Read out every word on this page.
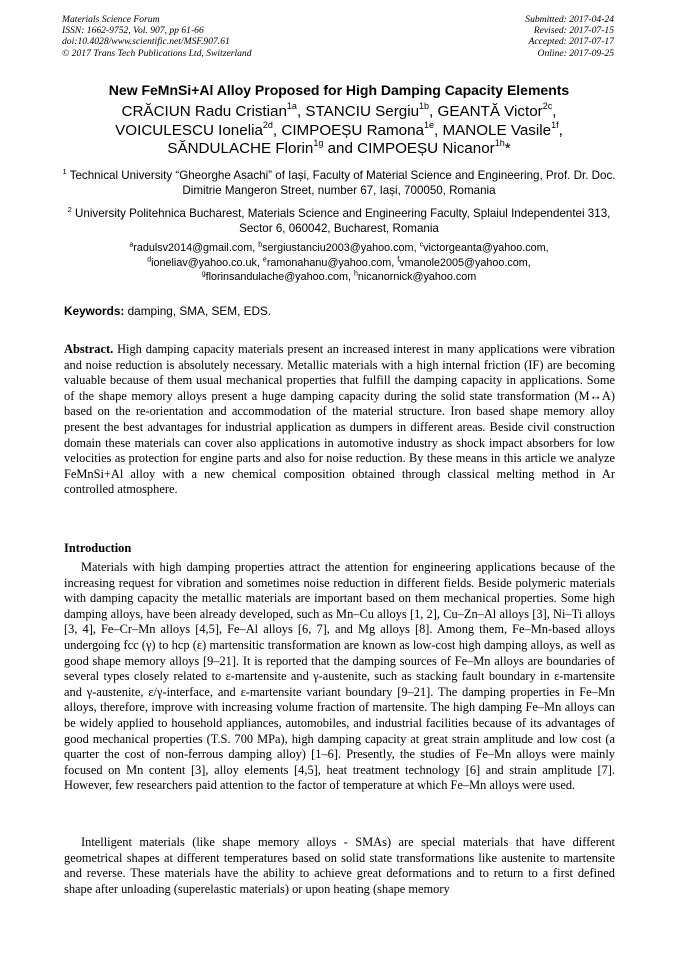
Materials Science Forum
ISSN: 1662-9752, Vol. 907, pp 61-66
doi:10.4028/www.scientific.net/MSF.907.61
© 2017 Trans Tech Publications Ltd, Switzerland
Submitted: 2017-04-24
Revised: 2017-07-15
Accepted: 2017-07-17
Online: 2017-09-25
New FeMnSi+Al Alloy Proposed for High Damping Capacity Elements
CRĂCIUN Radu Cristian$^{1a}$, STANCIU Sergiu$^{1b}$, GEANTĂ Victor$^{2c}$,
VOICULESCU Ionelia$^{2d}$, CIMPOEȘU Ramona$^{1e}$, MANOLE Vasile$^{1f}$,
SĂNDULACHE Florin$^{1g}$ and CIMPOEȘU Nicanor$^{1h}$*
$^1$ Technical University “Gheorghe Asachi” of Iași, Faculty of Material Science and Engineering, Prof. Dr. Doc. Dimitrie Mangeron Street, number 67, Iași, 700050, Romania
$^2$ University Politehnica Bucharest, Materials Science and Engineering Faculty, Splaiul Independentei 313, Sector 6, 060042, Bucharest, Romania
$^a$radulsv2014@gmail.com, $^b$sergiustanciu2003@yahoo.com, $^c$victorgeanta@yahoo.com,
$^d$ioneliav@yahoo.co.uk, $^e$ramonahanu@yahoo.com, $^f$vmanole2005@yahoo.com,
$^g$florinsandulache@yahoo.com, $^h$nicanornick@yahoo.com
Keywords: damping, SMA, SEM, EDS.
Abstract. High damping capacity materials present an increased interest in many applications were vibration and noise reduction is absolutely necessary. Metallic materials with a high internal friction (IF) are becoming valuable because of them usual mechanical properties that fulfill the damping capacity in applications. Some of the shape memory alloys present a huge damping capacity during the solid state transformation (M↔A) based on the re-orientation and accommodation of the material structure. Iron based shape memory alloy present the best advantages for industrial application as dumpers in different areas. Beside civil construction domain these materials can cover also applications in automotive industry as shock impact absorbers for low velocities as protection for engine parts and also for noise reduction. By these means in this article we analyze FeMnSi+Al alloy with a new chemical composition obtained through classical melting method in Ar controlled atmosphere.
Introduction
Materials with high damping properties attract the attention for engineering applications because of the increasing request for vibration and sometimes noise reduction in different fields. Beside polymeric materials with damping capacity the metallic materials are important based on them mechanical properties. Some high damping alloys, have been already developed, such as Mn–Cu alloys [1, 2], Cu–Zn–Al alloys [3], Ni–Ti alloys [3, 4], Fe–Cr–Mn alloys [4,5], Fe–Al alloys [6, 7], and Mg alloys [8]. Among them, Fe–Mn-based alloys undergoing fcc (γ) to hcp (ε) martensitic transformation are known as low-cost high damping alloys, as well as good shape memory alloys [9–21]. It is reported that the damping sources of Fe–Mn alloys are boundaries of several types closely related to ε-martensite and γ-austenite, such as stacking fault boundary in ε-martensite and γ-austenite, ε/γ-interface, and ε-martensite variant boundary [9–21]. The damping properties in Fe–Mn alloys, therefore, improve with increasing volume fraction of martensite. The high damping Fe–Mn alloys can be widely applied to household appliances, automobiles, and industrial facilities because of its advantages of good mechanical properties (T.S. 700 MPa), high damping capacity at great strain amplitude and low cost (a quarter the cost of non-ferrous damping alloy) [1–6]. Presently, the studies of Fe–Mn alloys were mainly focused on Mn content [3], alloy elements [4,5], heat treatment technology [6] and strain amplitude [7]. However, few researchers paid attention to the factor of temperature at which Fe–Mn alloys were used.
Intelligent materials (like shape memory alloys - SMAs) are special materials that have different geometrical shapes at different temperatures based on solid state transformations like austenite to martensite and reverse. These materials have the ability to achieve great deformations and to return to a first defined shape after unloading (superelastic materials) or upon heating (shape memory
